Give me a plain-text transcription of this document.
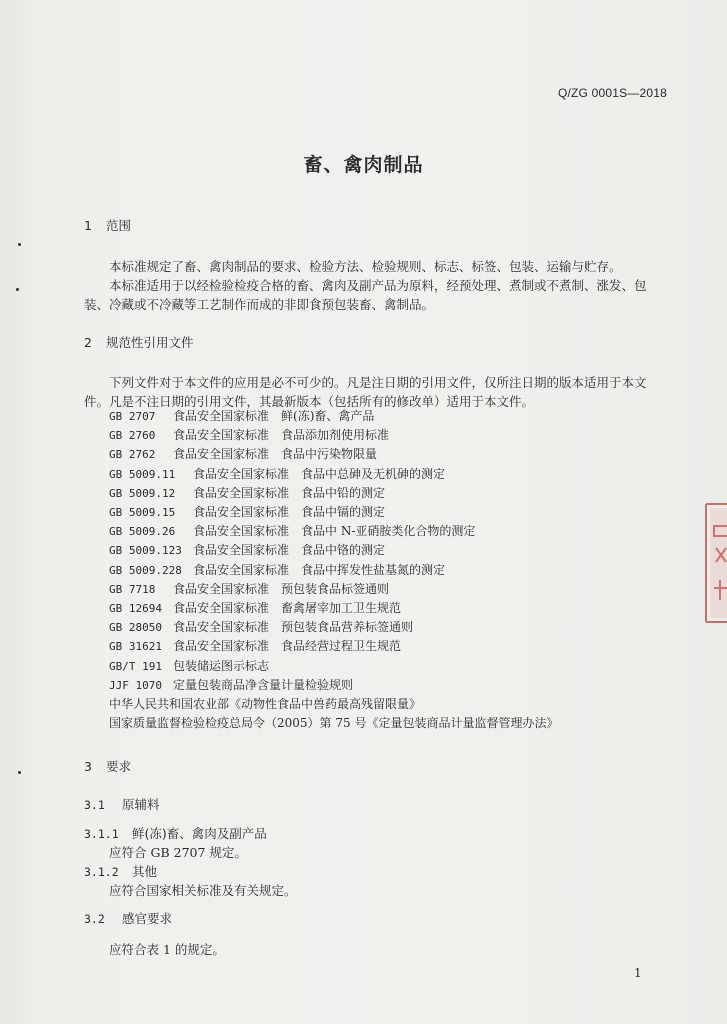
Q/ZG 0001S—2018
畜、禽肉制品
1 范围
本标准规定了畜、禽肉制品的要求、检验方法、检验规则、标志、标签、包装、运输与贮存。
本标准适用于以经检验检疫合格的畜、禽肉及副产品为原料，经预处理、煮制或不煮制、涨发、包装、冷藏或不冷藏等工艺制作而成的非即食预包装畜、禽制品。
2 规范性引用文件
下列文件对于本文件的应用是必不可少的。凡是注日期的引用文件，仅所注日期的版本适用于本文件。凡是不注日期的引用文件，其最新版本（包括所有的修改单）适用于本文件。
GB 2707 食品安全国家标准 鲜(冻)畜、禽产品
GB 2760 食品安全国家标准 食品添加剂使用标准
GB 2762 食品安全国家标准 食品中污染物限量
GB 5009.11 食品安全国家标准 食品中总砷及无机砷的测定
GB 5009.12 食品安全国家标准 食品中铅的测定
GB 5009.15 食品安全国家标准 食品中镉的测定
GB 5009.26 食品安全国家标准 食品中 N-亚硝胺类化合物的测定
GB 5009.123 食品安全国家标准 食品中铬的测定
GB 5009.228 食品安全国家标准 食品中挥发性盐基氮的测定
GB 7718 食品安全国家标准 预包装食品标签通则
GB 12694 食品安全国家标准 畜禽屠宰加工卫生规范
GB 28050 食品安全国家标准 预包装食品营养标签通则
GB 31621 食品安全国家标准 食品经营过程卫生规范
GB/T 191 包装储运图示标志
JJF 1070 定量包装商品净含量计量检验规则
中华人民共和国农业部《动物性食品中兽药最高残留限量》
国家质量监督检验检疫总局令（2005）第 75 号《定量包装商品计量监督管理办法》
3 要求
3.1 原辅料
3.1.1 鲜(冻)畜、禽肉及副产品
应符合 GB 2707 规定。
3.1.2 其他
应符合国家相关标准及有关规定。
3.2 感官要求
应符合表 1 的规定。
1
